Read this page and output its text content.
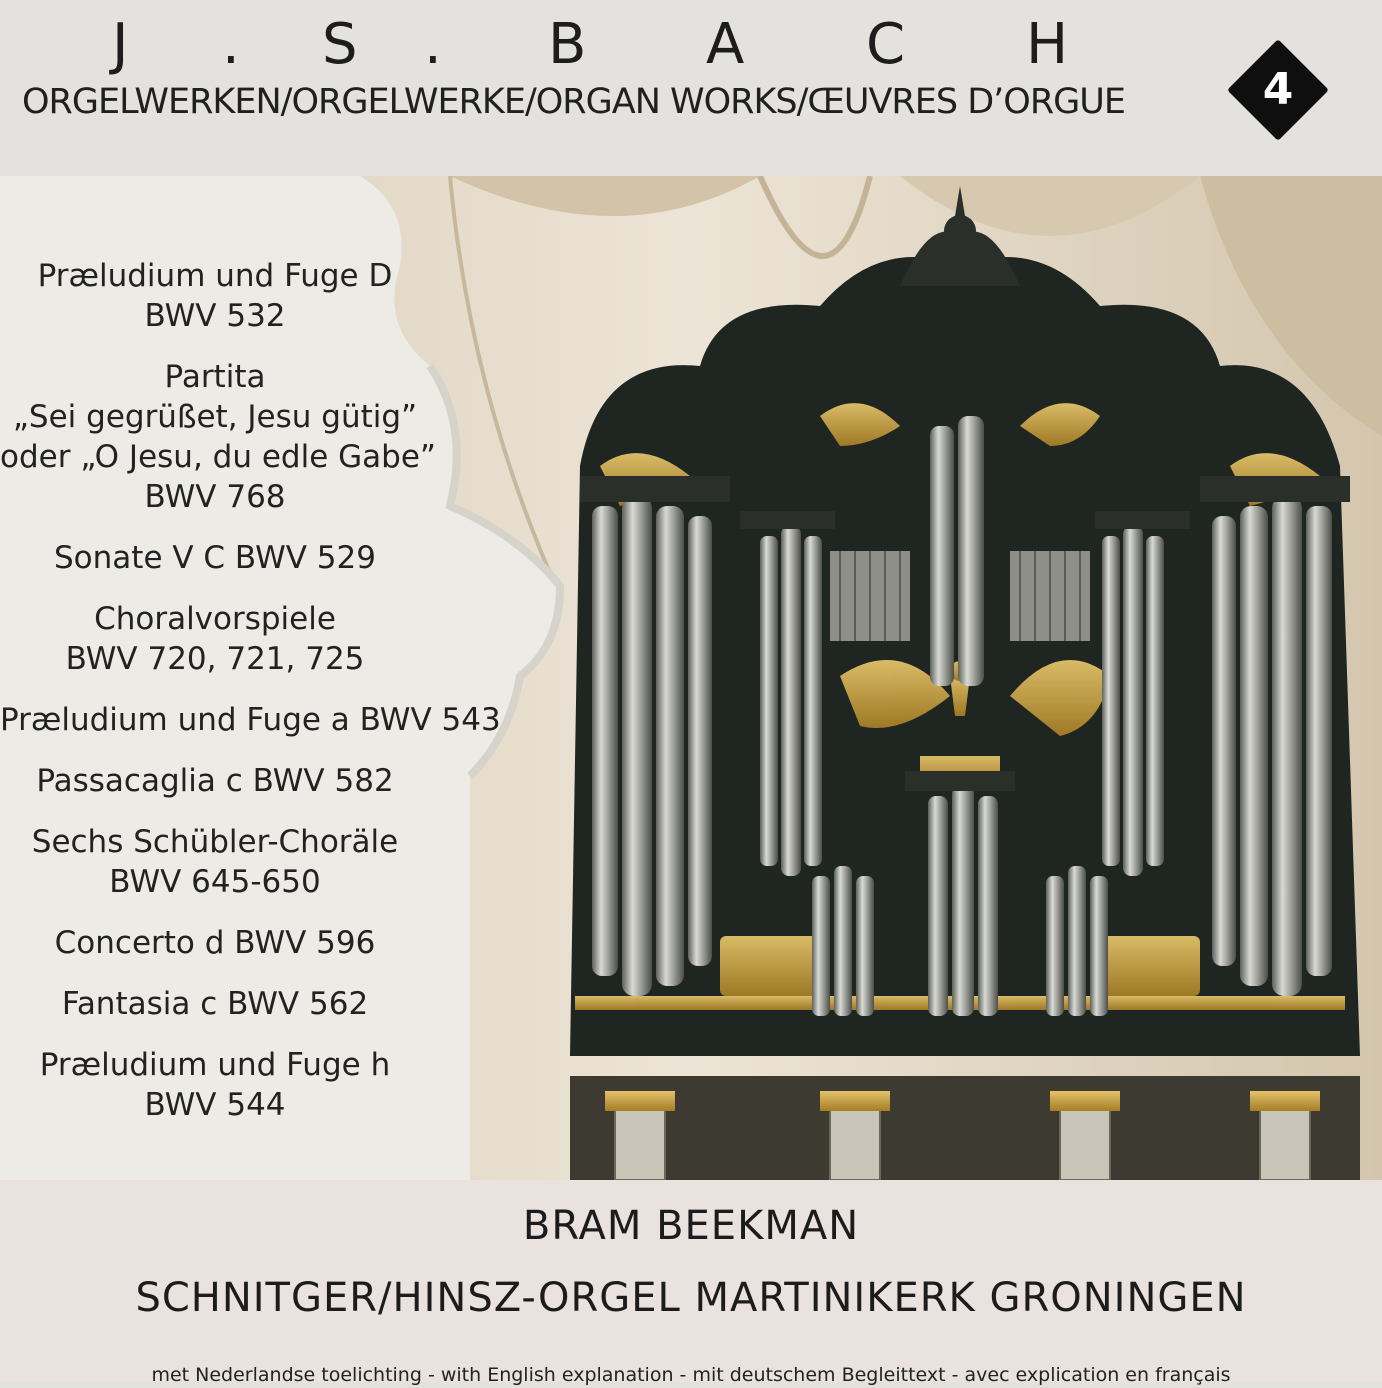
J . S . B A C H
ORGELWERKEN/ORGELWERKE/ORGAN WORKS/ŒUVRES D’ORGUE	4
Præludium und Fuge D
BWV 532
Partita
„Sei gegrüßet, Jesu gütig”
oder „O Jesu, du edle Gabe”
BWV 768
Sonate V C BWV 529
Choralvorspiele
BWV 720, 721, 725
Præludium und Fuge a BWV 543
Passacaglia c BWV 582
Sechs Schübler-Choräle
BWV 645-650
Concerto d BWV 596
Fantasia c BWV 562
Præludium und Fuge h
BWV 544
BRAM BEEKMAN
SCHNITGER/HINSZ-ORGEL MARTINIKERK GRONINGEN
met Nederlandse toelichting - with English explanation - mit deutschem Begleittext - avec explication en français
